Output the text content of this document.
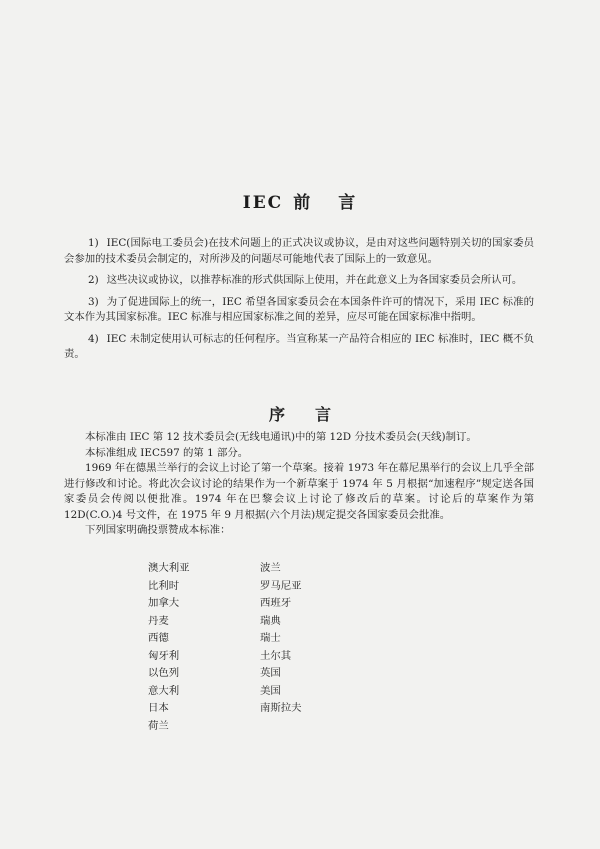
IEC 前 言
1) IEC(国际电工委员会)在技术问题上的正式决议或协议，是由对这些问题特别关切的国家委员会参加的技术委员会制定的，对所涉及的问题尽可能地代表了国际上的一致意见。
2) 这些决议或协议，以推荐标准的形式供国际上使用，并在此意义上为各国家委员会所认可。
3) 为了促进国际上的统一，IEC 希望各国家委员会在本国条件许可的情况下，采用 IEC 标准的文本作为其国家标准。IEC 标准与相应国家标准之间的差异，应尽可能在国家标准中指明。
4) IEC 未制定使用认可标志的任何程序。当宣称某一产品符合相应的 IEC 标准时，IEC 概不负责。
序 言

本标准由 IEC 第 12 技术委员会(无线电通讯)中的第 12D 分技术委员会(天线)制订。

本标准组成 IEC597 的第 1 部分。

1969 年在德黑兰举行的会议上讨论了第一个草案。接着 1973 年在幕尼黑举行的会议上几乎全部进行修改和讨论。将此次会议讨论的结果作为一个新草案于 1974 年 5 月根据“加速程序”规定送各国家委员会传阅以便批准。1974 年在巴黎会议上讨论了修改后的草案。讨论后的草案作为第 12D(C.O.)4 号文件，在 1975 年 9 月根据(六个月法)规定提交各国家委员会批准。

下列国家明确投票赞成本标准：

澳大利亚
比利时
加拿大
丹麦
西德
匈牙利
以色列
意大利
日本
荷兰
波兰
罗马尼亚
西班牙
瑞典
瑞士
土尔其
英国
美国
南斯拉夫
